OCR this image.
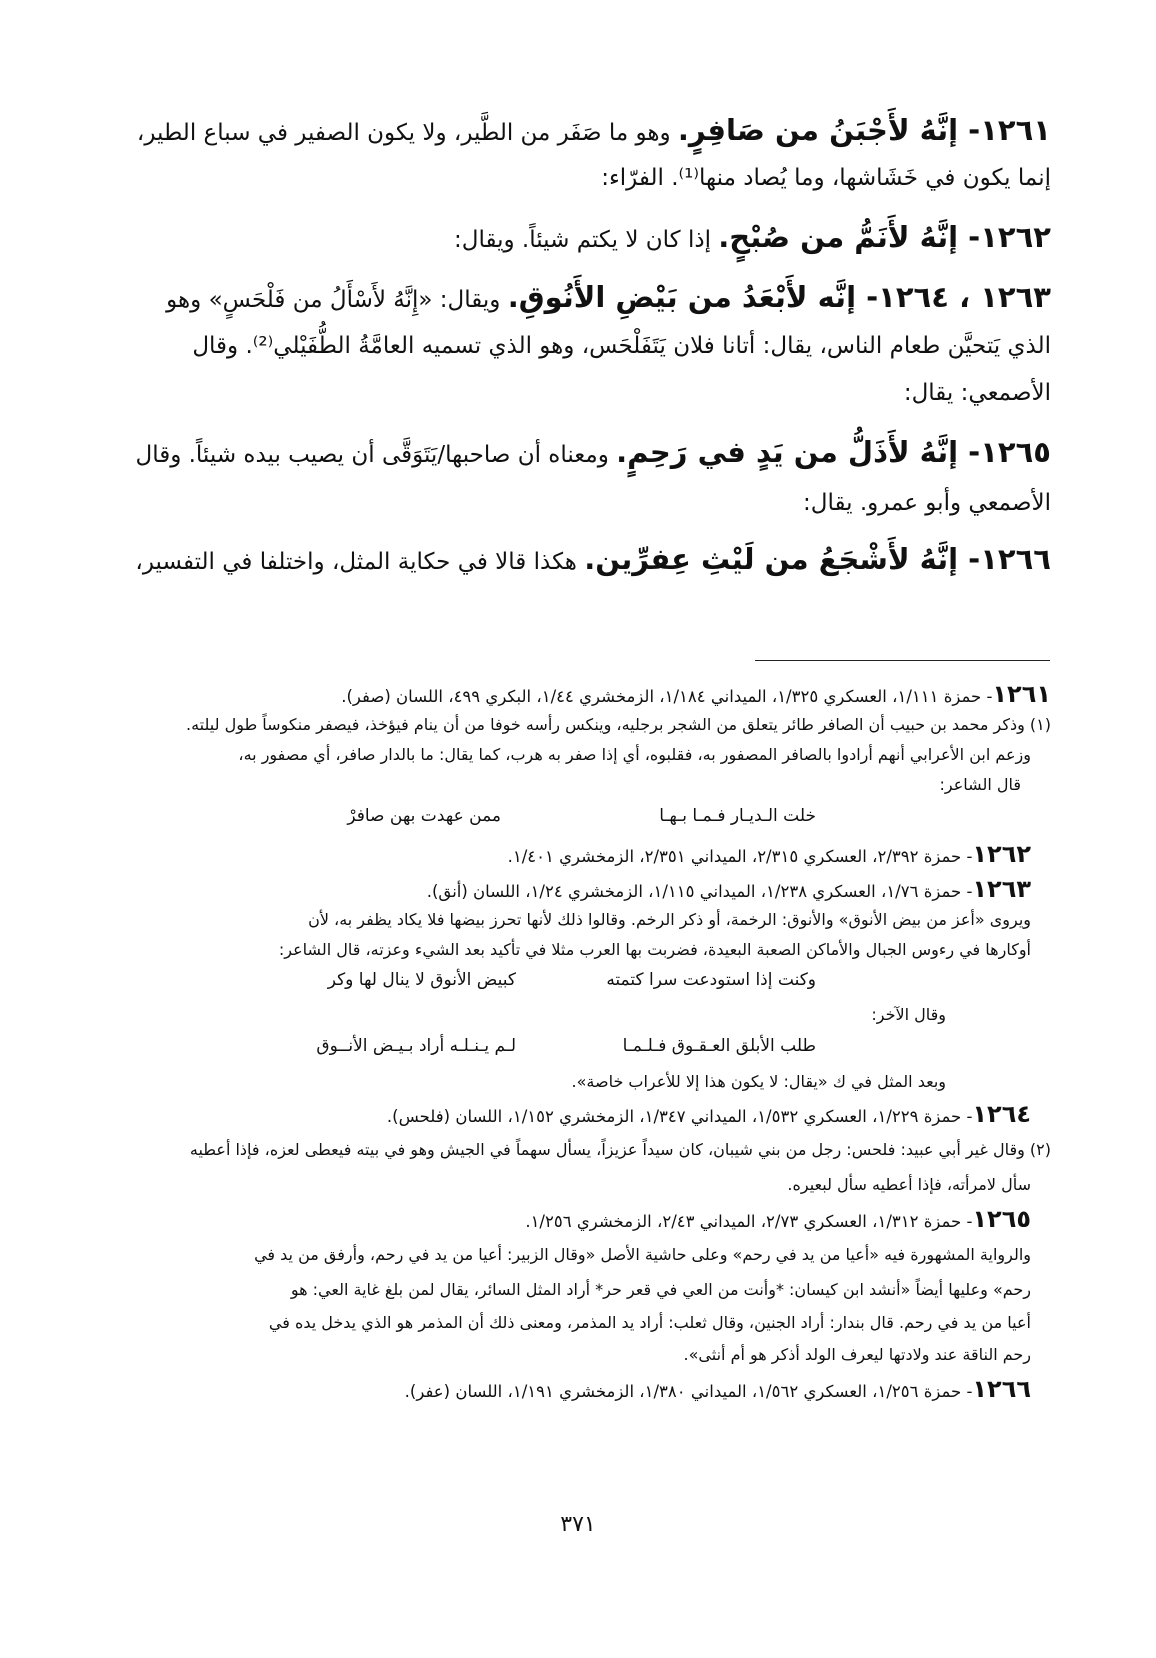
١٢٦١- إنَّهُ لأَجْبَنُ من صَافِرٍ. وهو ما صَفَر من الطَّير، ولا يكون الصفير في سباع الطير،
إنما يكون في خَشَاشها، وما يُصاد منها⁽¹⁾. الفرّاء:
١٢٦٢- إنَّهُ لأَنَمُّ من صُبْحٍ. إذا كان لا يكتم شيئاً. ويقال:
١٢٦٣ ، ١٢٦٤- إنَّه لأَبْعَدُ من بَيْضِ الأَنُوقِ. ويقال: «إِنَّهُ لأَسْأَلُ من فَلْحَسٍ» وهو
الذي يَتحيَّن طعام الناس، يقال: أتانا فلان يَتَفَلْحَس، وهو الذي تسميه العامَّةُ الطُّفَيْلي⁽²⁾. وقال
الأصمعي: يقال:
١٢٦٥- إنَّهُ لأَذَلُّ من يَدٍ في رَحِمٍ. ومعناه أن صاحبها/يَتَوَقَّى أن يصيب بيده شيئاً. وقال
الأصمعي وأبو عمرو. يقال:
١٢٦٦- إنَّهُ لأَشْجَعُ من لَيْثِ عِفرِّين. هكذا قالا في حكاية المثل، واختلفا في التفسير،
١٢٦١- حمزة ١/١١١، العسكري ١/٣٢٥، الميداني ١/١٨٤، الزمخشري ١/٤٤، البكري ٤٩٩، اللسان (صفر).
(١) وذكر محمد بن حبيب أن الصافر طائر يتعلق من الشجر برجليه، وينكس رأسه خوفا من أن ينام فيؤخذ، فيصفر منكوساً طول ليلته.
وزعم ابن الأعرابي أنهم أرادوا بالصافر المصفور به، فقلبوه، أي إذا صفر به هرب، كما يقال: ما بالدار صافر، أي مصفور به،
قال الشاعر:
خلت الـديـار فـمـا بـهـا
ممن عهدت بهن صافرْ
١٢٦٢- حمزة ٢/٣٩٢، العسكري ٢/٣١٥، الميداني ٢/٣٥١، الزمخشري ١/٤٠١.
١٢٦٣- حمزة ١/٧٦، العسكري ١/٢٣٨، الميداني ١/١١٥، الزمخشري ١/٢٤، اللسان (أنق).
ويروى «أعز من بيض الأنوق» والأنوق: الرخمة، أو ذكر الرخم. وقالوا ذلك لأنها تحرز بيضها فلا يكاد يظفر به، لأن
أوكارها في رءوس الجبال والأماكن الصعبة البعيدة، فضربت بها العرب مثلا في تأكيد بعد الشيء وعزته، قال الشاعر:
وكنت إذا استودعت سرا كتمته
كبيض الأنوق لا ينال لها وكر
وقال الآخر:
طلب الأبلق العـقـوق فـلـمـا
لـم يـنـلـه أراد بـيـض الأنــوق
وبعد المثل في ك «يقال: لا يكون هذا إلا للأعراب خاصة».
١٢٦٤- حمزة ١/٢٢٩، العسكري ١/٥٣٢، الميداني ١/٣٤٧، الزمخشري ١/١٥٢، اللسان (فلحس).
(٢) وقال غير أبي عبيد: فلحس: رجل من بني شيبان، كان سيداً عزيزاً، يسأل سهماً في الجيش وهو في بيته فيعطى لعزه، فإذا أعطيه
سأل لامرأته، فإذا أعطيه سأل لبعيره.
١٢٦٥- حمزة ١/٣١٢، العسكري ٢/٧٣، الميداني ٢/٤٣، الزمخشري ١/٢٥٦.
والرواية المشهورة فيه «أعيا من يد في رحم» وعلى حاشية الأصل «وقال الزبير: أعيا من يد في رحم، وأرفق من يد في
رحم» وعليها أيضاً «أنشد ابن كيسان: *وأنت من العي في قعر حر* أراد المثل السائر، يقال لمن بلغ غاية العي: هو
أعيا من يد في رحم. قال بندار: أراد الجنين، وقال ثعلب: أراد يد المذمر، ومعنى ذلك أن المذمر هو الذي يدخل يده في
رحم الناقة عند ولادتها ليعرف الولد أذكر هو أم أنثى».
١٢٦٦- حمزة ١/٢٥٦، العسكري ١/٥٦٢، الميداني ١/٣٨٠، الزمخشري ١/١٩١، اللسان (عفر).
٣٧١
